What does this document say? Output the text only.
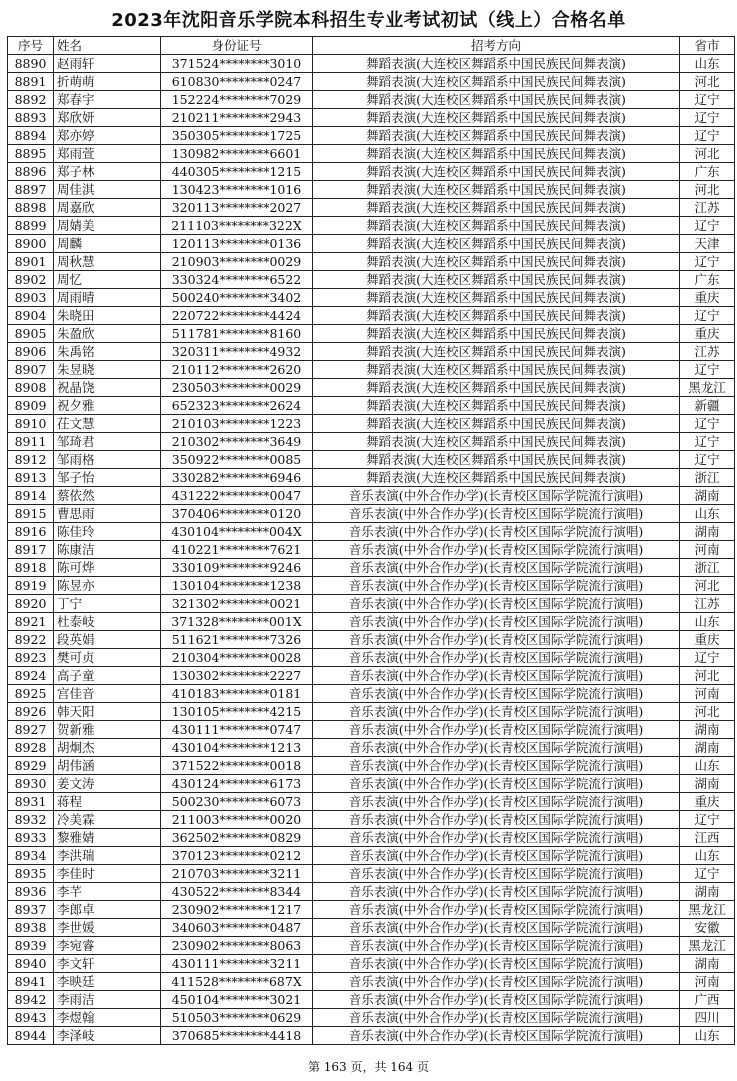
2023年沈阳音乐学院本科招生专业考试初试（线上）合格名单
序号	姓名	身份证号	招考方向	省市
8890	赵雨轩	371524********3010	舞蹈表演(大连校区舞蹈系中国民族民间舞表演)	山东
8891	折萌萌	610830********0247	舞蹈表演(大连校区舞蹈系中国民族民间舞表演)	河北
8892	郑春宇	152224********7029	舞蹈表演(大连校区舞蹈系中国民族民间舞表演)	辽宁
8893	郑欣妍	210211********2943	舞蹈表演(大连校区舞蹈系中国民族民间舞表演)	辽宁
8894	郑亦婷	350305********1725	舞蹈表演(大连校区舞蹈系中国民族民间舞表演)	辽宁
8895	郑雨萱	130982********6601	舞蹈表演(大连校区舞蹈系中国民族民间舞表演)	河北
8896	郑子林	440305********1215	舞蹈表演(大连校区舞蹈系中国民族民间舞表演)	广东
8897	周佳淇	130423********1016	舞蹈表演(大连校区舞蹈系中国民族民间舞表演)	河北
8898	周嘉欣	320113********2027	舞蹈表演(大连校区舞蹈系中国民族民间舞表演)	江苏
8899	周婧美	211103********322X	舞蹈表演(大连校区舞蹈系中国民族民间舞表演)	辽宁
8900	周麟	120113********0136	舞蹈表演(大连校区舞蹈系中国民族民间舞表演)	天津
8901	周秋慧	210903********0029	舞蹈表演(大连校区舞蹈系中国民族民间舞表演)	辽宁
8902	周忆	330324********6522	舞蹈表演(大连校区舞蹈系中国民族民间舞表演)	广东
8903	周雨晴	500240********3402	舞蹈表演(大连校区舞蹈系中国民族民间舞表演)	重庆
8904	朱晓田	220722********4424	舞蹈表演(大连校区舞蹈系中国民族民间舞表演)	辽宁
8905	朱盈欣	511781********8160	舞蹈表演(大连校区舞蹈系中国民族民间舞表演)	重庆
8906	朱禹铭	320311********4932	舞蹈表演(大连校区舞蹈系中国民族民间舞表演)	江苏
8907	朱昱晓	210112********2620	舞蹈表演(大连校区舞蹈系中国民族民间舞表演)	辽宁
8908	祝晶饶	230503********0029	舞蹈表演(大连校区舞蹈系中国民族民间舞表演)	黑龙江
8909	祝夕雅	652323********2624	舞蹈表演(大连校区舞蹈系中国民族民间舞表演)	新疆
8910	茌文慧	210103********1223	舞蹈表演(大连校区舞蹈系中国民族民间舞表演)	辽宁
8911	邹琦君	210302********3649	舞蹈表演(大连校区舞蹈系中国民族民间舞表演)	辽宁
8912	邹雨格	350922********0085	舞蹈表演(大连校区舞蹈系中国民族民间舞表演)	辽宁
8913	邹子怡	330282********6946	舞蹈表演(大连校区舞蹈系中国民族民间舞表演)	浙江
8914	蔡依然	431222********0047	音乐表演(中外合作办学)(长青校区国际学院流行演唱)	湖南
8915	曹思雨	370406********0120	音乐表演(中外合作办学)(长青校区国际学院流行演唱)	山东
8916	陈佳玲	430104********004X	音乐表演(中外合作办学)(长青校区国际学院流行演唱)	湖南
8917	陈康洁	410221********7621	音乐表演(中外合作办学)(长青校区国际学院流行演唱)	河南
8918	陈可烨	330109********9246	音乐表演(中外合作办学)(长青校区国际学院流行演唱)	浙江
8919	陈昱亦	130104********1238	音乐表演(中外合作办学)(长青校区国际学院流行演唱)	河北
8920	丁宁	321302********0021	音乐表演(中外合作办学)(长青校区国际学院流行演唱)	江苏
8921	杜泰岐	371328********001X	音乐表演(中外合作办学)(长青校区国际学院流行演唱)	山东
8922	段英娟	511621********7326	音乐表演(中外合作办学)(长青校区国际学院流行演唱)	重庆
8923	樊可贞	210304********0028	音乐表演(中外合作办学)(长青校区国际学院流行演唱)	辽宁
8924	高子童	130302********2227	音乐表演(中外合作办学)(长青校区国际学院流行演唱)	河北
8925	宫佳音	410183********0181	音乐表演(中外合作办学)(长青校区国际学院流行演唱)	河南
8926	韩天阳	130105********4215	音乐表演(中外合作办学)(长青校区国际学院流行演唱)	河北
8927	贺新雅	430111********0747	音乐表演(中外合作办学)(长青校区国际学院流行演唱)	湖南
8928	胡炯杰	430104********1213	音乐表演(中外合作办学)(长青校区国际学院流行演唱)	湖南
8929	胡伟涵	371522********0018	音乐表演(中外合作办学)(长青校区国际学院流行演唱)	山东
8930	姜文涛	430124********6173	音乐表演(中外合作办学)(长青校区国际学院流行演唱)	湖南
8931	蒋程	500230********6073	音乐表演(中外合作办学)(长青校区国际学院流行演唱)	重庆
8932	冷美霖	211003********0020	音乐表演(中外合作办学)(长青校区国际学院流行演唱)	辽宁
8933	黎雅婧	362502********0829	音乐表演(中外合作办学)(长青校区国际学院流行演唱)	江西
8934	李洪瑞	370123********0212	音乐表演(中外合作办学)(长青校区国际学院流行演唱)	山东
8935	李佳时	210703********3211	音乐表演(中外合作办学)(长青校区国际学院流行演唱)	辽宁
8936	李芊	430522********8344	音乐表演(中外合作办学)(长青校区国际学院流行演唱)	湖南
8937	李郎卓	230902********1217	音乐表演(中外合作办学)(长青校区国际学院流行演唱)	黑龙江
8938	李世媛	340603********0487	音乐表演(中外合作办学)(长青校区国际学院流行演唱)	安徽
8939	李宛睿	230902********8063	音乐表演(中外合作办学)(长青校区国际学院流行演唱)	黑龙江
8940	李文轩	430111********3211	音乐表演(中外合作办学)(长青校区国际学院流行演唱)	湖南
8941	李映廷	411528********687X	音乐表演(中外合作办学)(长青校区国际学院流行演唱)	河南
8942	李雨洁	450104********3021	音乐表演(中外合作办学)(长青校区国际学院流行演唱)	广西
8943	李煜翰	510503********0629	音乐表演(中外合作办学)(长青校区国际学院流行演唱)	四川
8944	李泽岐	370685********4418	音乐表演(中外合作办学)(长青校区国际学院流行演唱)	山东
第 163 页，共 164 页
